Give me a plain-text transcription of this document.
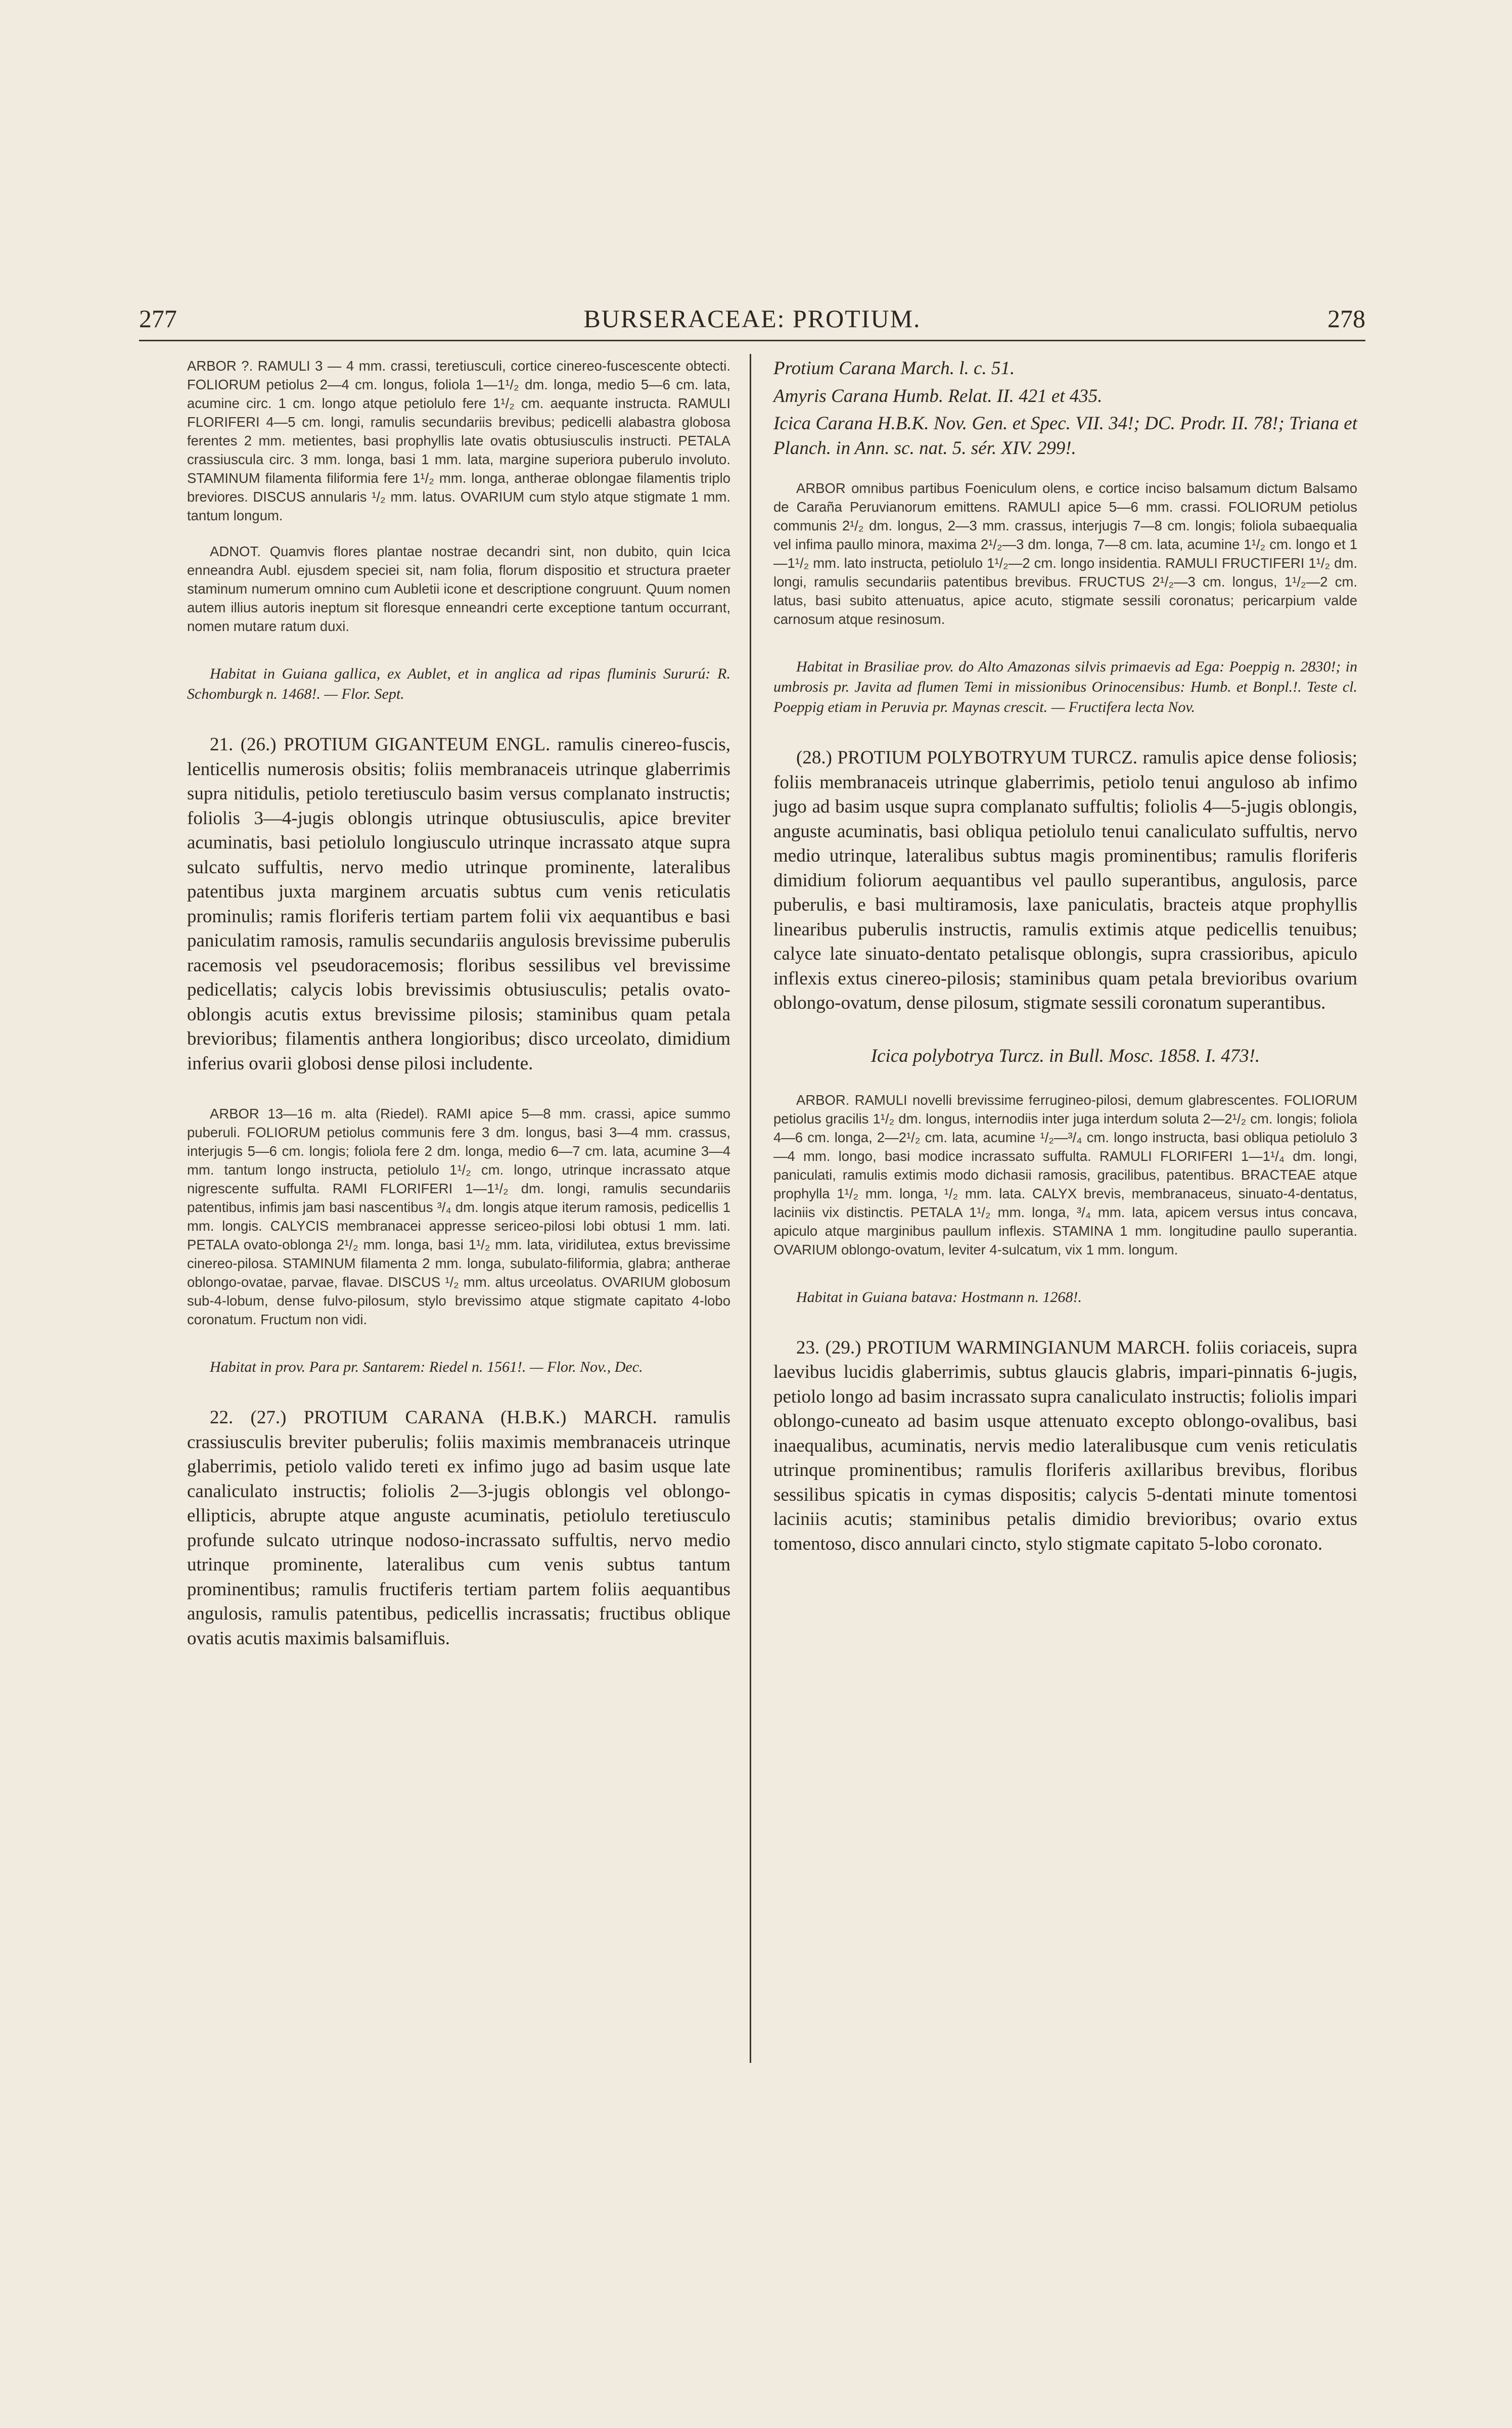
277	BURSERACEAE: PROTIUM.	278

ARBOR ?. RAMULI 3 — 4 mm. crassi, teretiusculi, cortice cinereo-fuscescente obtecti. FOLIORUM petiolus 2—4 cm. longus, foliola 1—1¹/₂ dm. longa, medio 5—6 cm. lata, acumine circ. 1 cm. longo atque petiolulo fere 1¹/₂ cm. aequante instructa. RAMULI FLORIFERI 4—5 cm. longi, ramulis secundariis brevibus; pedicelli alabastra globosa ferentes 2 mm. metientes, basi prophyllis late ovatis obtusiusculis instructi. PETALA crassiuscula circ. 3 mm. longa, basi 1 mm. lata, margine superiora puberulo involuto. STAMINUM filamenta filiformia fere 1¹/₂ mm. longa, antherae oblongae filamentis triplo breviores. DISCUS annularis ¹/₂ mm. latus. OVARIUM cum stylo atque stigmate 1 mm. tantum longum.

ADNOT. Quamvis flores plantae nostrae decandri sint, non dubito, quin Icica enneandra Aubl. ejusdem speciei sit, nam folia, florum dispositio et structura praeter staminum numerum omnino cum Aubletii icone et descriptione congruunt. Quum nomen autem illius autoris ineptum sit floresque enneandri certe exceptione tantum occurrant, nomen mutare ratum duxi.

Habitat in Guiana gallica, ex Aublet, et in anglica ad ripas fluminis Sururú: R. Schomburgk n. 1468!. — Flor. Sept.

21. (26.) PROTIUM GIGANTEUM ENGL. ramulis cinereo-fuscis, lenticellis numerosis obsitis; foliis membranaceis utrinque glaberrimis supra nitidulis, petiolo teretiusculo basim versus complanato instructis; foliolis 3—4-jugis oblongis utrinque obtusiusculis, apice breviter acuminatis, basi petiolulo longiusculo utrinque incrassato atque supra sulcato suffultis, nervo medio utrinque prominente, lateralibus patentibus juxta marginem arcuatis subtus cum venis reticulatis prominulis; ramis floriferis tertiam partem folii vix aequantibus e basi paniculatim ramosis, ramulis secundariis angulosis brevissime puberulis racemosis vel pseudoracemosis; floribus sessilibus vel brevissime pedicellatis; calycis lobis brevissimis obtusiusculis; petalis ovato-oblongis acutis extus brevissime pilosis; staminibus quam petala brevioribus; filamentis anthera longioribus; disco urceolato, dimidium inferius ovarii globosi dense pilosi includente.

ARBOR 13—16 m. alta (Riedel). RAMI apice 5—8 mm. crassi, apice summo puberuli. FOLIORUM petiolus communis fere 3 dm. longus, basi 3—4 mm. crassus, interjugis 5—6 cm. longis; foliola fere 2 dm. longa, medio 6—7 cm. lata, acumine 3—4 mm. tantum longo instructa, petiolulo 1¹/₂ cm. longo, utrinque incrassato atque nigrescente suffulta. RAMI FLORIFERI 1—1¹/₂ dm. longi, ramulis secundariis patentibus, infimis jam basi nascentibus ³/₄ dm. longis atque iterum ramosis, pedicellis 1 mm. longis. CALYCIS membranacei appresse sericeo-pilosi lobi obtusi 1 mm. lati. PETALA ovato-oblonga 2¹/₂ mm. longa, basi 1¹/₂ mm. lata, viridilutea, extus brevissime cinereo-pilosa. STAMINUM filamenta 2 mm. longa, subulato-filiformia, glabra; antherae oblongo-ovatae, parvae, flavae. DISCUS ¹/₂ mm. altus urceolatus. OVARIUM globosum sub-4-lobum, dense fulvo-pilosum, stylo brevissimo atque stigmate capitato 4-lobo coronatum. Fructum non vidi.

Habitat in prov. Para pr. Santarem: Riedel n. 1561!. — Flor. Nov., Dec.

22. (27.) PROTIUM CARANA (H.B.K.) MARCH. ramulis crassiusculis breviter puberulis; foliis maximis membranaceis utrinque glaberrimis, petiolo valido tereti ex infimo jugo ad basim usque late canaliculato instructis; foliolis 2—3-jugis oblongis vel oblongo-ellipticis, abrupte atque anguste acuminatis, petiolulo teretiusculo profunde sulcato utrinque nodoso-incrassato suffultis, nervo medio utrinque prominente, lateralibus cum venis subtus tantum prominentibus; ramulis fructiferis tertiam partem foliis aequantibus angulosis, ramulis patentibus, pedicellis incrassatis; fructibus oblique ovatis acutis maximis balsamifluis.

Protium Carana March. l. c. 51.

Amyris Carana Humb. Relat. II. 421 et 435.

Icica Carana H.B.K. Nov. Gen. et Spec. VII. 34!; DC. Prodr. II. 78!; Triana et Planch. in Ann. sc. nat. 5. sér. XIV. 299!.

ARBOR omnibus partibus Foeniculum olens, e cortice inciso balsamum dictum Balsamo de Caraña Peruvianorum emittens. RAMULI apice 5—6 mm. crassi. FOLIORUM petiolus communis 2¹/₂ dm. longus, 2—3 mm. crassus, interjugis 7—8 cm. longis; foliola subaequalia vel infima paullo minora, maxima 2¹/₂—3 dm. longa, 7—8 cm. lata, acumine 1¹/₂ cm. longo et 1—1¹/₂ mm. lato instructa, petiolulo 1¹/₂—2 cm. longo insidentia. RAMULI FRUCTIFERI 1¹/₂ dm. longi, ramulis secundariis patentibus brevibus. FRUCTUS 2¹/₂—3 cm. longus, 1¹/₂—2 cm. latus, basi subito attenuatus, apice acuto, stigmate sessili coronatus; pericarpium valde carnosum atque resinosum.

Habitat in Brasiliae prov. do Alto Amazonas silvis primaevis ad Ega: Poeppig n. 2830!; in umbrosis pr. Javita ad flumen Temi in missionibus Orinocensibus: Humb. et Bonpl.!. Teste cl. Poeppig etiam in Peruvia pr. Maynas crescit. — Fructifera lecta Nov.

(28.) PROTIUM POLYBOTRYUM TURCZ. ramulis apice dense foliosis; foliis membranaceis utrinque glaberrimis, petiolo tenui anguloso ab infimo jugo ad basim usque supra complanato suffultis; foliolis 4—5-jugis oblongis, anguste acuminatis, basi obliqua petiolulo tenui canaliculato suffultis, nervo medio utrinque, lateralibus subtus magis prominentibus; ramulis floriferis dimidium foliorum aequantibus vel paullo superantibus, angulosis, parce puberulis, e basi multiramosis, laxe paniculatis, bracteis atque prophyllis linearibus puberulis instructis, ramulis extimis atque pedicellis tenuibus; calyce late sinuato-dentato petalisque oblongis, supra crassioribus, apiculo inflexis extus cinereo-pilosis; staminibus quam petala brevioribus ovarium oblongo-ovatum, dense pilosum, stigmate sessili coronatum superantibus.

Icica polybotrya Turcz. in Bull. Mosc. 1858. I. 473!.

ARBOR. RAMULI novelli brevissime ferrugineo-pilosi, demum glabrescentes. FOLIORUM petiolus gracilis 1¹/₂ dm. longus, internodiis inter juga interdum soluta 2—2¹/₂ cm. longis; foliola 4—6 cm. longa, 2—2¹/₂ cm. lata, acumine ¹/₂—³/₄ cm. longo instructa, basi obliqua petiolulo 3—4 mm. longo, basi modice incrassato suffulta. RAMULI FLORIFERI 1—1¹/₄ dm. longi, paniculati, ramulis extimis modo dichasii ramosis, gracilibus, patentibus. BRACTEAE atque prophylla 1¹/₂ mm. longa, ¹/₂ mm. lata. CALYX brevis, membranaceus, sinuato-4-dentatus, laciniis vix distinctis. PETALA 1¹/₂ mm. longa, ³/₄ mm. lata, apicem versus intus concava, apiculo atque marginibus paullum inflexis. STAMINA 1 mm. longitudine paullo superantia. OVARIUM oblongo-ovatum, leviter 4-sulcatum, vix 1 mm. longum.

Habitat in Guiana batava: Hostmann n. 1268!.

23. (29.) PROTIUM WARMINGIANUM MARCH. foliis coriaceis, supra laevibus lucidis glaberrimis, subtus glaucis glabris, impari-pinnatis 6-jugis, petiolo longo ad basim incrassato supra canaliculato instructis; foliolis impari oblongo-cuneato ad basim usque attenuato excepto oblongo-ovalibus, basi inaequalibus, acuminatis, nervis medio lateralibusque cum venis reticulatis utrinque prominentibus; ramulis floriferis axillaribus brevibus, floribus sessilibus spicatis in cymas dispositis; calycis 5-dentati minute tomentosi laciniis acutis; staminibus petalis dimidio brevioribus; ovario extus tomentoso, disco annulari cincto, stylo stigmate capitato 5-lobo coronato.
